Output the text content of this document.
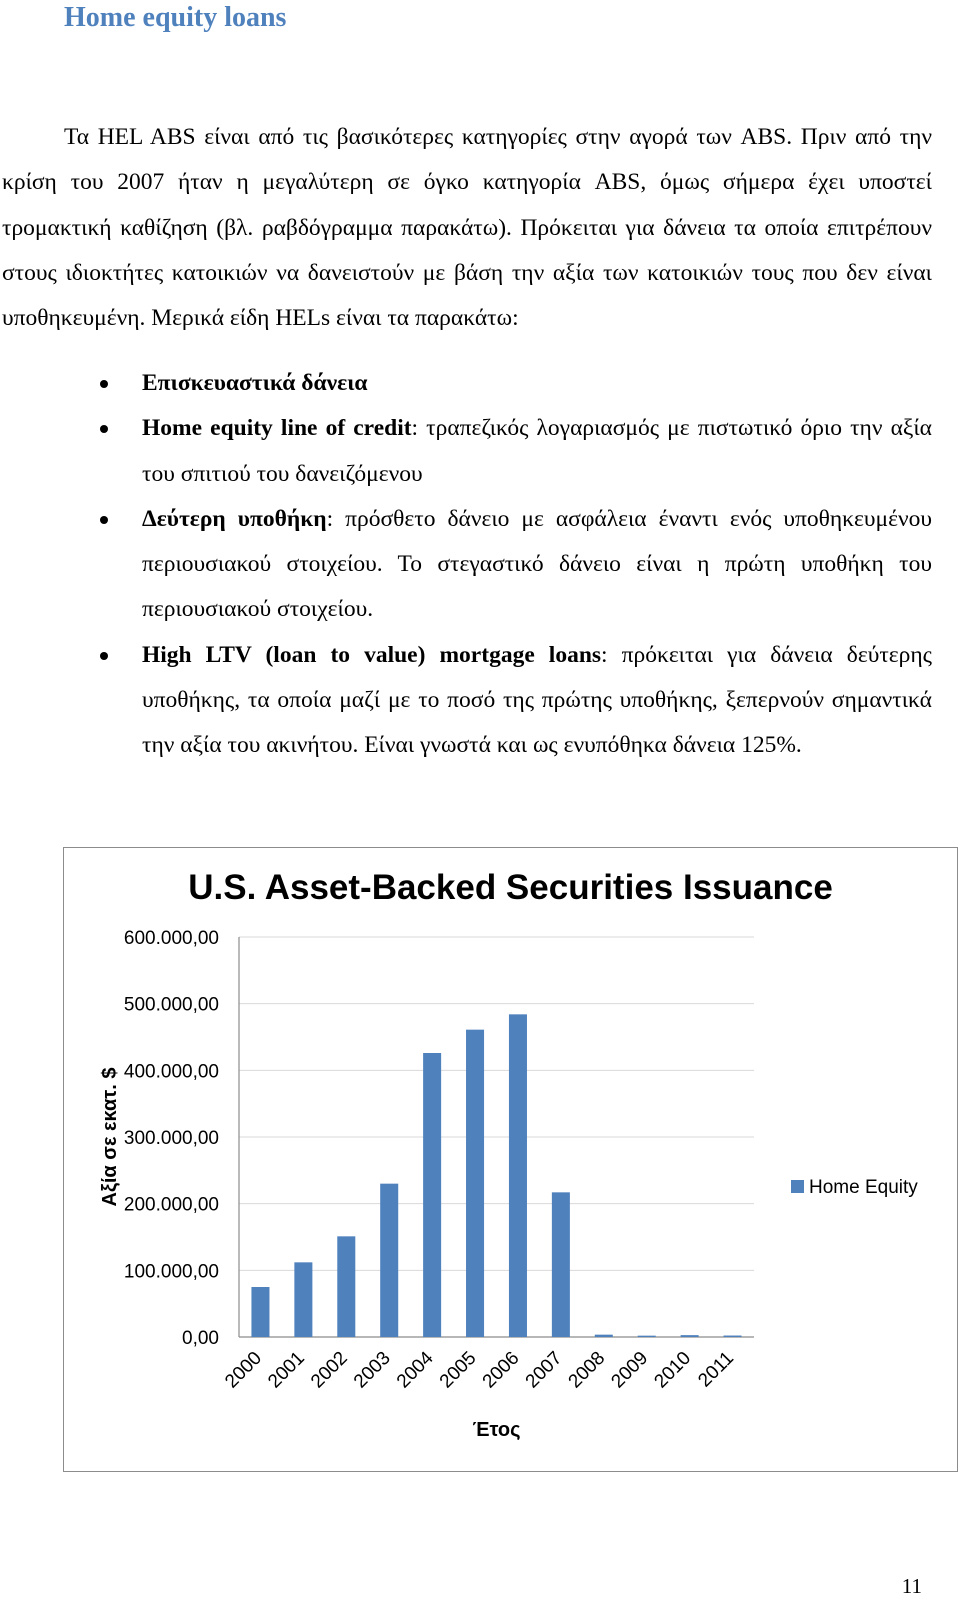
Home equity loans

Τα HEL ABS είναι από τις βασικότερες κατηγορίες στην αγορά των ABS. Πριν από την κρίση του 2007 ήταν η μεγαλύτερη σε όγκο κατηγορία ABS, όμως σήμερα έχει υποστεί τρομακτική καθίζηση (βλ. ραβδόγραμμα παρακάτω). Πρόκειται για δάνεια τα οποία επιτρέπουν στους ιδιοκτήτες κατοικιών να δανειστούν με βάση την αξία των κατοικιών τους που δεν είναι υποθηκευμένη. Μερικά είδη HELs είναι τα παρακάτω:

Επισκευαστικά δάνεια
Home equity line of credit: τραπεζικός λογαριασμός με πιστωτικό όριο την αξία του σπιτιού του δανειζόμενου
Δεύτερη υποθήκη: πρόσθετο δάνειο με ασφάλεια έναντι ενός υποθηκευμένου περιουσιακού στοιχείου. Το στεγαστικό δάνειο είναι η πρώτη υποθήκη του περιουσιακού στοιχείου.
High LTV (loan to value) mortgage loans: πρόκειται για δάνεια δεύτερης υποθήκης, τα οποία μαζί με το ποσό της πρώτης υποθήκης, ξεπερνούν σημαντικά την αξία του ακινήτου. Είναι γνωστά και ως ενυπόθηκα δάνεια 125%.
U.S. Asset-Backed Securities Issuance
0,00
100.000,00
200.000,00
300.000,00
400.000,00
500.000,00
600.000,00
2000
2001
2002
2003
2004
2005
2006
2007
2008
2009
2010 2011
Έτος
Αξία σε εκατ. $	Home Equity
11
